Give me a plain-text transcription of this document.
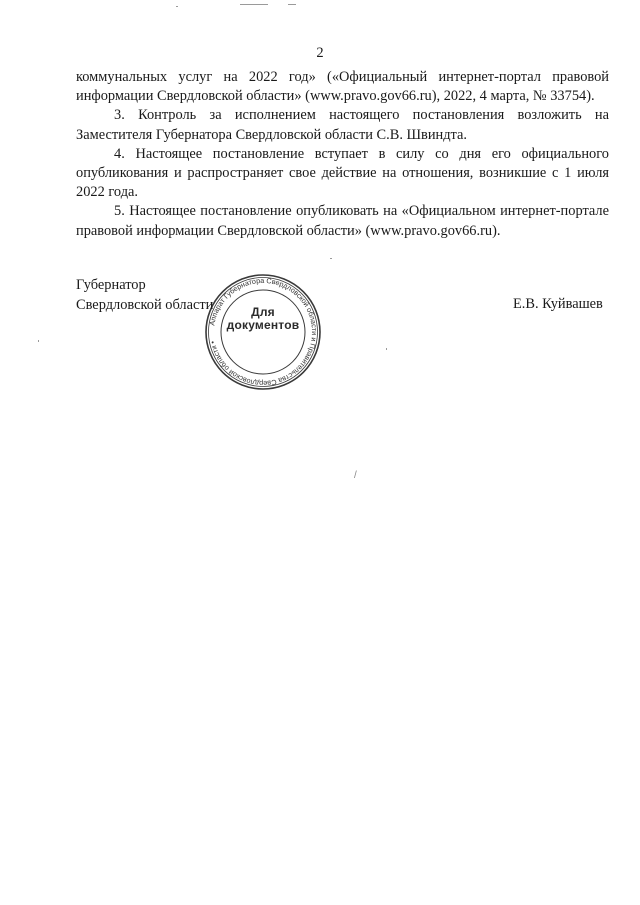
2

коммунальных услуг на 2022 год» («Официальный интернет-портал правовой информации Свердловской области» (www.pravo.gov66.ru), 2022, 4 марта, № 33754).

3. Контроль за исполнением настоящего постановления возложить на Заместителя Губернатора Свердловской области С.В. Швиндта.

4. Настоящее постановление вступает в силу со дня его официального опубликования и распространяет свое действие на отношения, возникшие с 1 июля 2022 года.

5. Настоящее постановление опубликовать на «Официальном интернет-портале правовой информации Свердловской области» (www.pravo.gov66.ru).

Аппарат Губернатора Свердловской области и Правительства Свердловской области •
Для
документов
Губернатор
Свердловской области	Е.В. Куйвашев
/
